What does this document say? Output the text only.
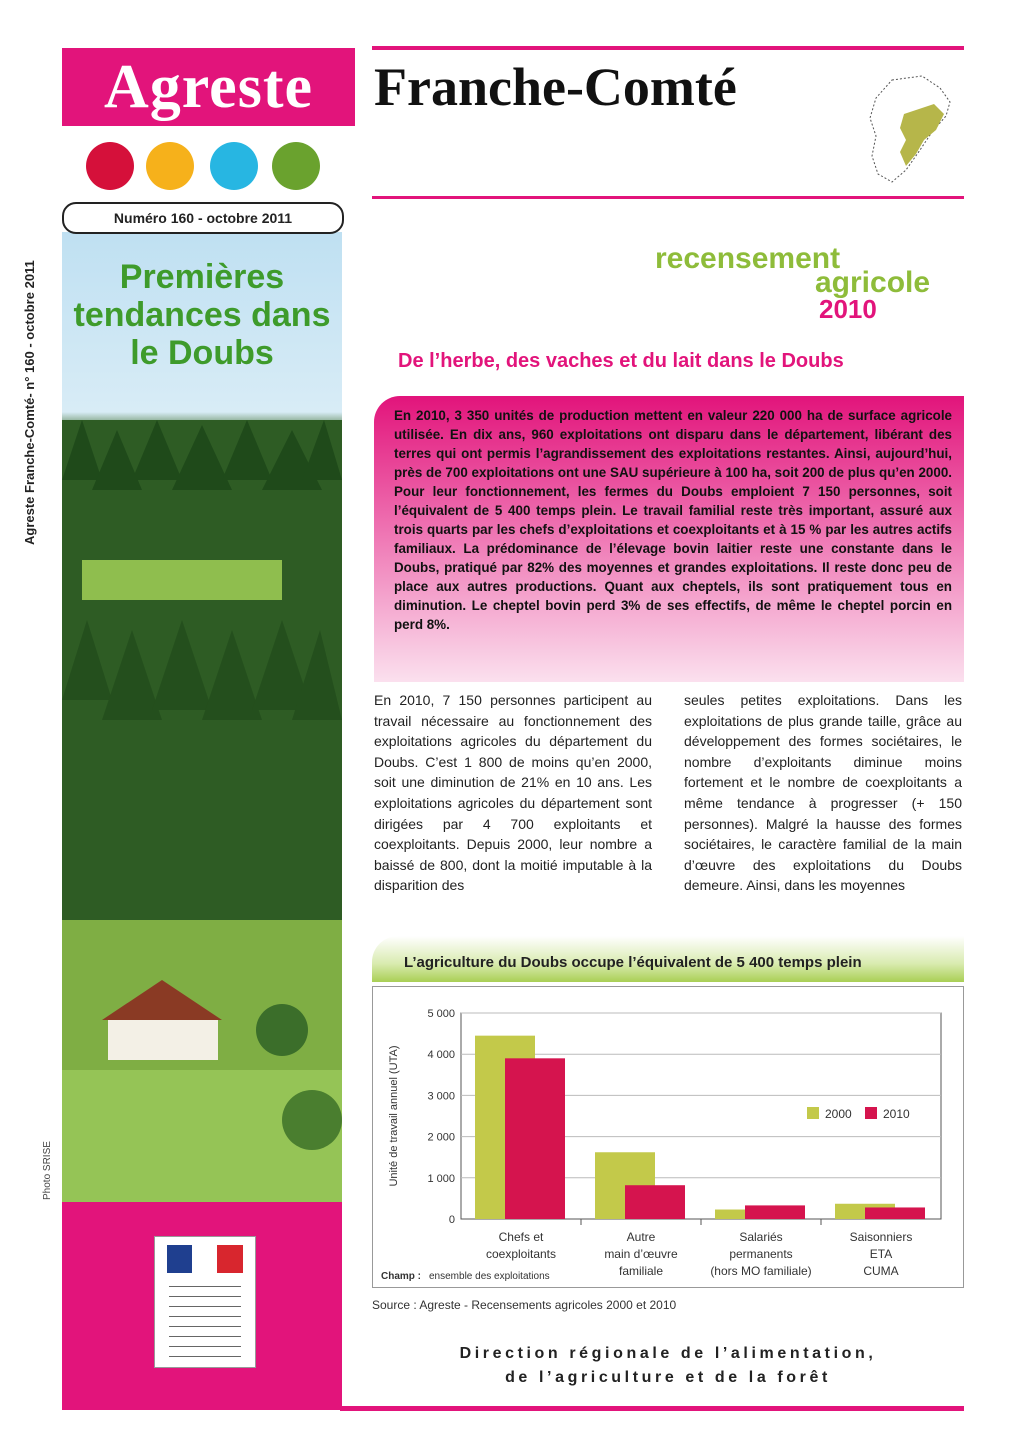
Agreste	Franche-Comté
Agreste Franche-Comté- n° 160 - octobre 2011
Photo SRISE
Numéro 160 - octobre 2011
Premières tendances dans le Doubs
recensement
agricole
2010
De l’herbe, des vaches et du lait dans le Doubs

En 2010, 3 350 unités de production mettent en valeur 220 000 ha de surface agricole utilisée. En dix ans, 960 exploitations ont disparu dans le département, libérant des terres qui ont permis l’agrandissement des exploitations restantes. Ainsi, aujourd’hui, près de 700 exploitations ont une SAU supérieure à 100 ha, soit 200 de plus qu’en 2000. Pour leur fonctionnement, les fermes du Doubs emploient 7 150 personnes, soit l’équivalent de 5 400 temps plein. Le travail familial reste très important, assuré aux trois quarts par les chefs d’exploitations et coexploitants et à 15 % par les autres actifs familiaux. La prédominance de l’élevage bovin laitier reste une constante dans le Doubs, pratiqué par 82% des moyennes et grandes exploitations. Il reste donc peu de place aux autres productions. Quant aux cheptels, ils sont pratiquement tous en diminution. Le cheptel bovin perd 3% de ses effectifs, de même le cheptel porcin en perd 8%.

En 2010, 7 150 personnes participent au travail nécessaire au fonctionnement des exploitations agricoles du département du Doubs. C’est 1 800 de moins qu’en 2000, soit une diminution de 21% en 10 ans. Les exploitations agricoles du département sont dirigées par 4 700 exploitants et coexploitants. Depuis 2000, leur nombre a baissé de 800, dont la moitié imputable à la disparition des

seules petites exploitations. Dans les exploitations de plus grande taille, grâce au développement des formes sociétaires, le nombre d’exploitants diminue moins fortement et le nombre de coexploitants a même tendance à progresser (+ 150 personnes). Malgré la hausse des formes sociétaires, le caractère familial de la main d’œuvre des exploitations du Doubs demeure. Ainsi, dans les moyennes

L’agriculture du Doubs occupe l’équivalent de 5 400 temps plein
0
1 000
2 000
3 000
4 000
5 000
Unité de travail annuel (UTA)
Chefs et
coexploitants
Autre
main d’œuvre
familiale
Salariés
permanents
(hors MO familiale)
Saisonniers
ETA
CUMA
2000	2010
Champ : ensemble des exploitations
Source : Agreste - Recensements agricoles 2000 et 2010
Direction régionale de l’alimentation,
de l’agriculture et de la forêt
